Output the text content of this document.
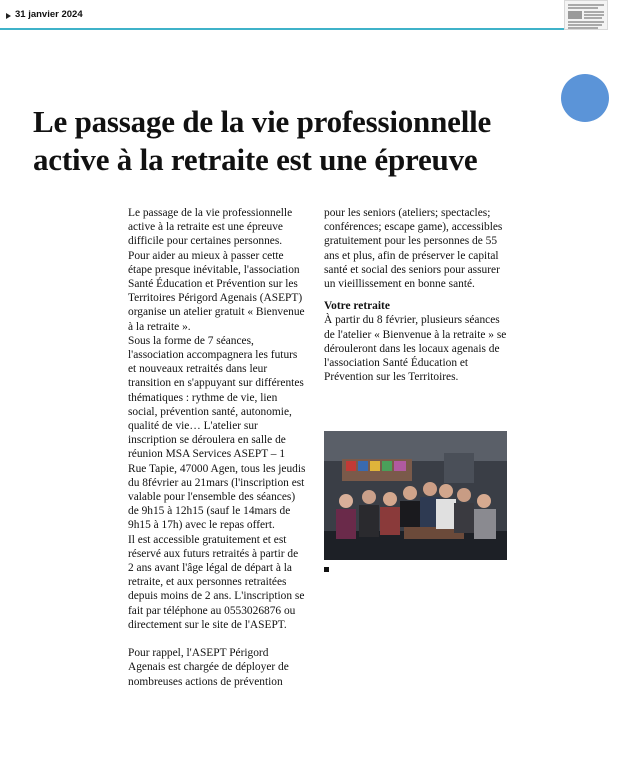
31 janvier 2024
Le passage de la vie professionnelle active à la retraite est une épreuve

Le passage de la vie professionnelle active à la retraite est une épreuve difficile pour certaines personnes. Pour aider au mieux à passer cette étape presque inévitable, l'association Santé Éducation et Prévention sur les Territoires Périgord Agenais (ASEPT) organise un atelier gratuit « Bienvenue à la retraite ».

Sous la forme de 7 séances, l'association accompagnera les futurs et nouveaux retraités dans leur transition en s'appuyant sur différentes thématiques : rythme de vie, lien social, prévention santé, autonomie, qualité de vie… L'atelier sur inscription se déroulera en salle de réunion MSA Services ASEPT – 1 Rue Tapie, 47000 Agen, tous les jeudis du 8février au 21mars (l'inscription est valable pour l'ensemble des séances) de 9h15 à 12h15 (sauf le 14mars de 9h15 à 17h) avec le repas offert.

Il est accessible gratuitement et est réservé aux futurs retraités à partir de 2 ans avant l'âge légal de départ à la retraite, et aux personnes retraitées depuis moins de 2 ans. L'inscription se fait par téléphone au 0553026876 ou directement sur le site de l'ASEPT.

Pour rappel, l'ASEPT Périgord Agenais est chargée de déployer de nombreuses actions de prévention

pour les seniors (ateliers; spectacles; conférences; escape game), accessibles gratuitement pour les personnes de 55 ans et plus, afin de préserver le capital santé et social des seniors pour assurer un vieillissement en bonne santé.

Votre retraite

À partir du 8 février, plusieurs séances de l'atelier « Bienvenue à la retraite » se dérouleront dans les locaux agenais de l'association Santé Éducation et Prévention sur les Territoires.
